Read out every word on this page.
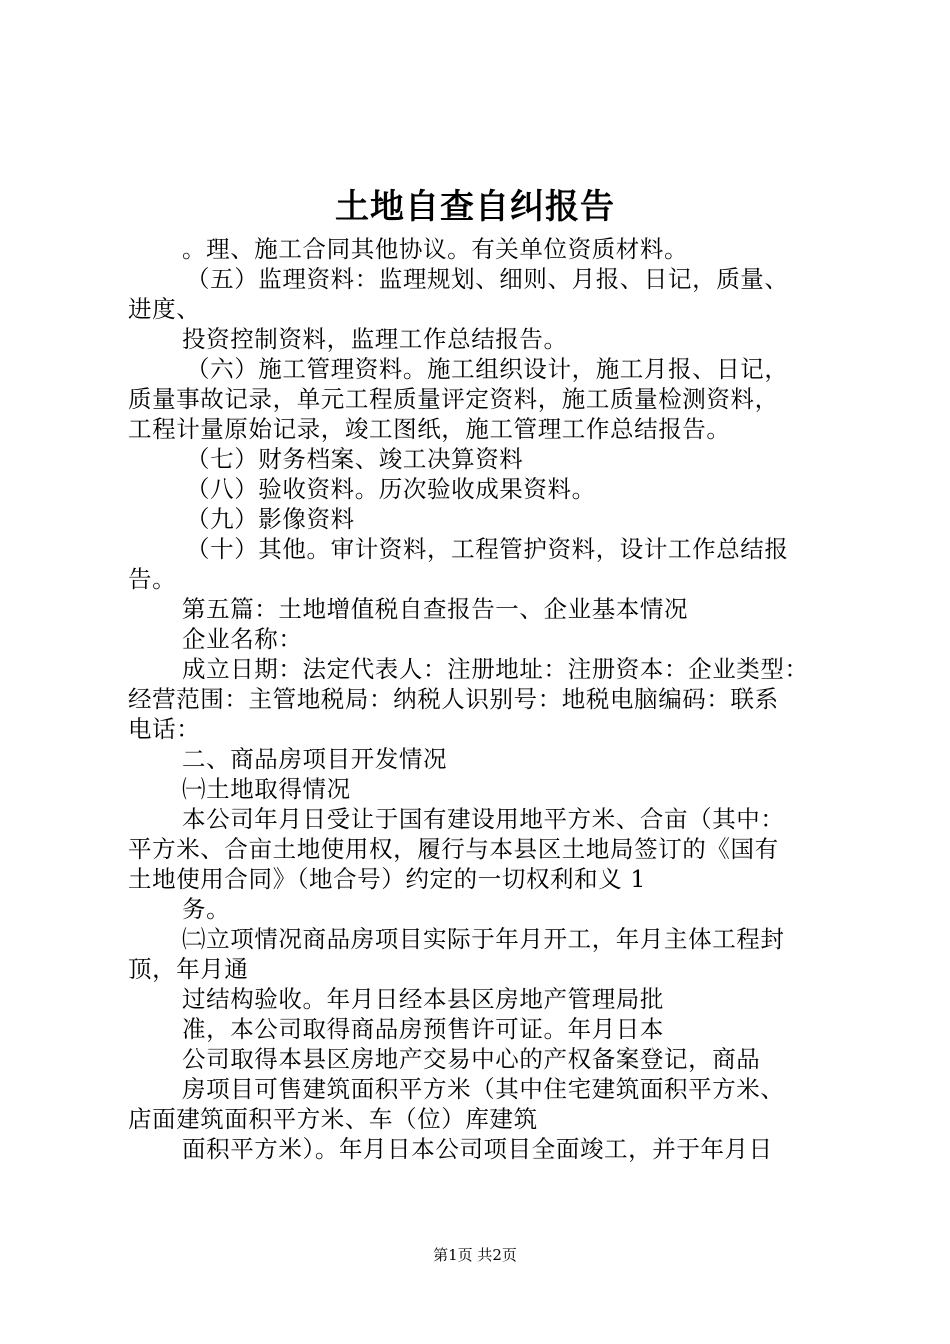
土地自查自纠报告
。理、施工合同其他协议。有关单位资质材料。
（五）监理资料：监理规划、细则、月报、日记，质量、
进度、
投资控制资料，监理工作总结报告。
（六）施工管理资料。施工组织设计，施工月报、日记，
质量事故记录，单元工程质量评定资料，施工质量检测资料，
工程计量原始记录，竣工图纸，施工管理工作总结报告。
（七）财务档案、竣工决算资料
（八）验收资料。历次验收成果资料。
（九）影像资料
（十）其他。审计资料，工程管护资料，设计工作总结报
告。
第五篇：土地增值税自查报告一、企业基本情况
企业名称：
成立日期：法定代表人：注册地址：注册资本：企业类型：
经营范围：主管地税局：纳税人识别号：地税电脑编码：联系
电话：
二、商品房项目开发情况
㈠土地取得情况
本公司年月日受让于国有建设用地平方米、合亩（其中：
平方米、合亩土地使用权，履行与本县区土地局签订的《国有
土地使用合同》（地合号）约定的一切权利和义 1
务。
㈡立项情况商品房项目实际于年月开工，年月主体工程封
顶，年月通
过结构验收。年月日经本县区房地产管理局批
准，本公司取得商品房预售许可证。年月日本
公司取得本县区房地产交易中心的产权备案登记，商品
房项目可售建筑面积平方米（其中住宅建筑面积平方米、
店面建筑面积平方米、车（位）库建筑
面积平方米）。年月日本公司项目全面竣工，并于年月日
第1页 共2页
